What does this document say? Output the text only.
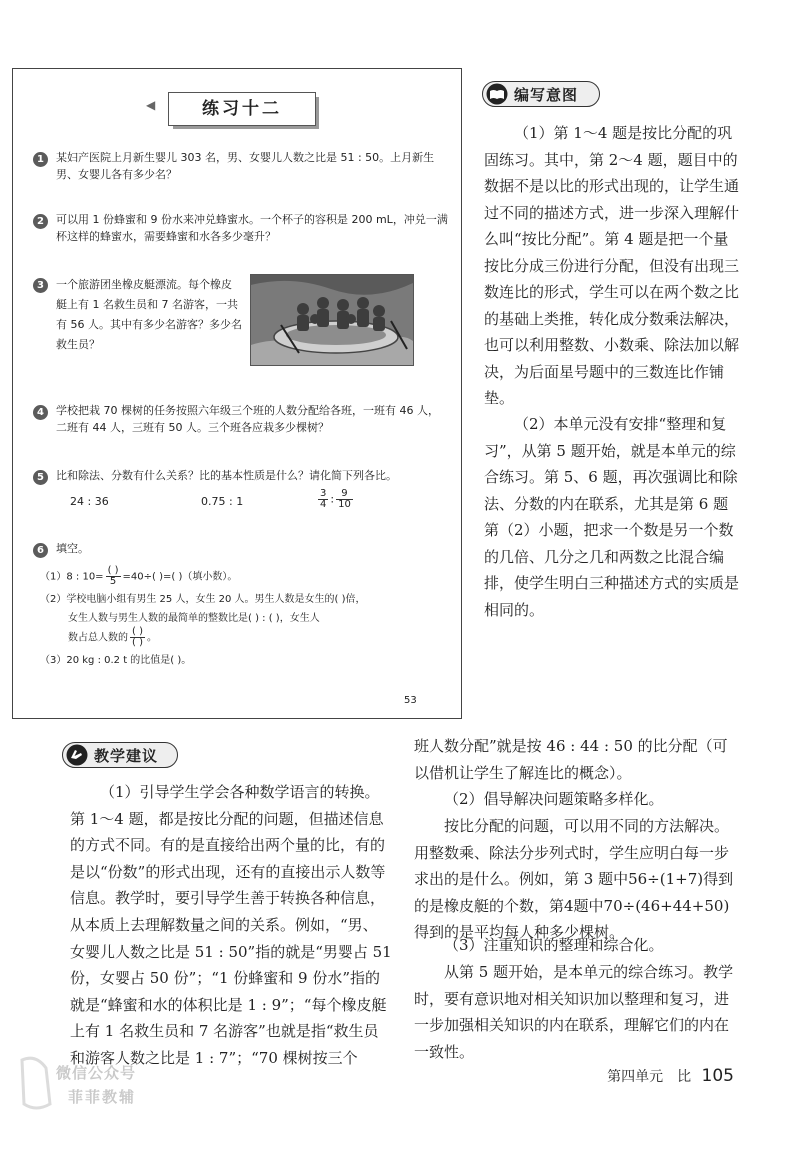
◀	练习十二
1	某妇产医院上月新生婴儿 303 名，男、女婴儿人数之比是 51 : 50。上月新生男、女婴儿各有多少名？
2	可以用 1 份蜂蜜和 9 份水来冲兑蜂蜜水。一个杯子的容积是 200 mL，冲兑一满杯这样的蜂蜜水，需要蜂蜜和水各多少毫升？
3	一个旅游团坐橡皮艇漂流。每个橡皮艇上有 1 名救生员和 7 名游客，一共有 56 人。其中有多少名游客？多少名救生员？
4	学校把栽 70 棵树的任务按照六年级三个班的人数分配给各班，一班有 46 人，二班有 44 人，三班有 50 人。三个班各应栽多少棵树？
5	比和除法、分数有什么关系？比的基本性质是什么？请化简下列各比。
24 : 36	0.75 : 1	$\frac{3}{4}$ : $\frac{9}{10}$
6	填空。
（1）8 : $10= \frac{( )}{5} =40\div$( )=( )（填小数）。
（2）学校电脑小组有男生 25 人，女生 20 人。男生人数是女生的( )倍，
女生人数与男生人数的最简单的整数比是( ) : ( )，女生人
数占总人数的 $\frac{( )}{( )}$ 。
（3）20 kg : 0.2 t 的比值是( )。
53
编写意图
（1）第 1～4 题是按比分配的巩固练习。其中，第 2～4 题，题目中的数据不是以比的形式出现的，让学生通过不同的描述方式，进一步深入理解什么叫“按比分配”。第 4 题是把一个量按比分成三份进行分配，但没有出现三数连比的形式，学生可以在两个数之比的基础上类推，转化成分数乘法解决，也可以利用整数、小数乘、除法加以解决，为后面星号题中的三数连比作铺垫。
（2）本单元没有安排“整理和复习”，从第 5 题开始，就是本单元的综合练习。第 5、6 题，再次强调比和除法、分数的内在联系，尤其是第 6 题第（2）小题，把求一个数是另一个数的几倍、几分之几和两数之比混合编排，使学生明白三种描述方式的实质是相同的。
教学建议
（1）引导学生学会各种数学语言的转换。第 1～4 题，都是按比分配的问题，但描述信息的方式不同。有的是直接给出两个量的比，有的是以“份数”的形式出现，还有的直接出示人数等信息。教学时，要引导学生善于转换各种信息，从本质上去理解数量之间的关系。例如，“男、女婴儿人数之比是 51 : 50”指的就是“男婴占 51 份，女婴占 50 份”；“1 份蜂蜜和 9 份水”指的就是“蜂蜜和水的体积比是 1 : 9”；“每个橡皮艇上有 1 名救生员和 7 名游客”也就是指“救生员和游客人数之比是 1 : 7”；“70 棵树按三个
班人数分配”就是按 46 : 44 : 50 的比分配（可以借机让学生了解连比的概念）。
（2）倡导解决问题策略多样化。
按比分配的问题，可以用不同的方法解决。用整数乘、除法分步列式时，学生应明白每一步求出的是什么。例如，第 3 题中56÷(1+7)得到的是橡皮艇的个数，第4题中70÷(46+44+50)得到的是平均每人种多少棵树。
（3）注重知识的整理和综合化。
从第 5 题开始，是本单元的综合练习。教学时，要有意识地对相关知识加以整理和复习，进一步加强相关知识的内在联系，理解它们的内在一致性。
第四单元　比 105
微信公众号
菲菲教辅
